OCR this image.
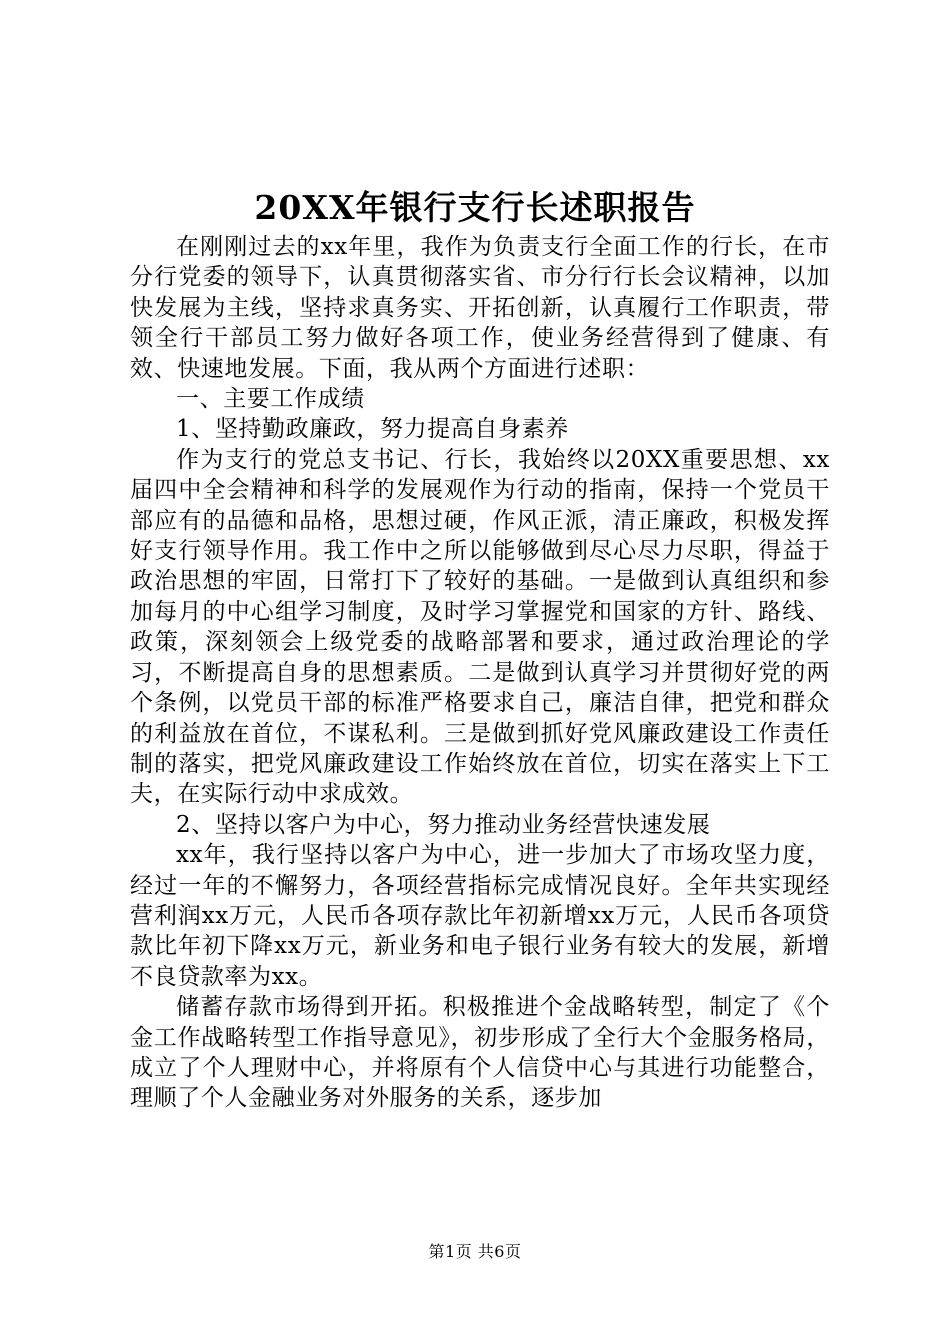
20XX年银行支行长述职报告

在刚刚过去的xx年里，我作为负责支行全面工作的行长，在市分行党委的领导下，认真贯彻落实省、市分行行长会议精神，以加快发展为主线，坚持求真务实、开拓创新，认真履行工作职责，带领全行干部员工努力做好各项工作，使业务经营得到了健康、有效、快速地发展。下面，我从两个方面进行述职：

一、主要工作成绩

1、坚持勤政廉政，努力提高自身素养

作为支行的党总支书记、行长，我始终以20XX重要思想、xx届四中全会精神和科学的发展观作为行动的指南，保持一个党员干部应有的品德和品格，思想过硬，作风正派，清正廉政，积极发挥好支行领导作用。我工作中之所以能够做到尽心尽力尽职，得益于政治思想的牢固，日常打下了较好的基础。一是做到认真组织和参加每月的中心组学习制度，及时学习掌握党和国家的方针、路线、政策，深刻领会上级党委的战略部署和要求，通过政治理论的学习，不断提高自身的思想素质。二是做到认真学习并贯彻好党的两个条例，以党员干部的标准严格要求自己，廉洁自律，把党和群众的利益放在首位，不谋私利。三是做到抓好党风廉政建设工作责任制的落实，把党风廉政建设工作始终放在首位，切实在落实上下工夫，在实际行动中求成效。

2、坚持以客户为中心，努力推动业务经营快速发展

xx年，我行坚持以客户为中心，进一步加大了市场攻坚力度，经过一年的不懈努力，各项经营指标完成情况良好。全年共实现经营利润xx万元，人民币各项存款比年初新增xx万元，人民币各项贷款比年初下降xx万元，新业务和电子银行业务有较大的发展，新增不良贷款率为xx。

储蓄存款市场得到开拓。积极推进个金战略转型，制定了《个金工作战略转型工作指导意见》，初步形成了全行大个金服务格局，成立了个人理财中心，并将原有个人信贷中心与其进行功能整合，理顺了个人金融业务对外服务的关系，逐步加

第1页 共6页
